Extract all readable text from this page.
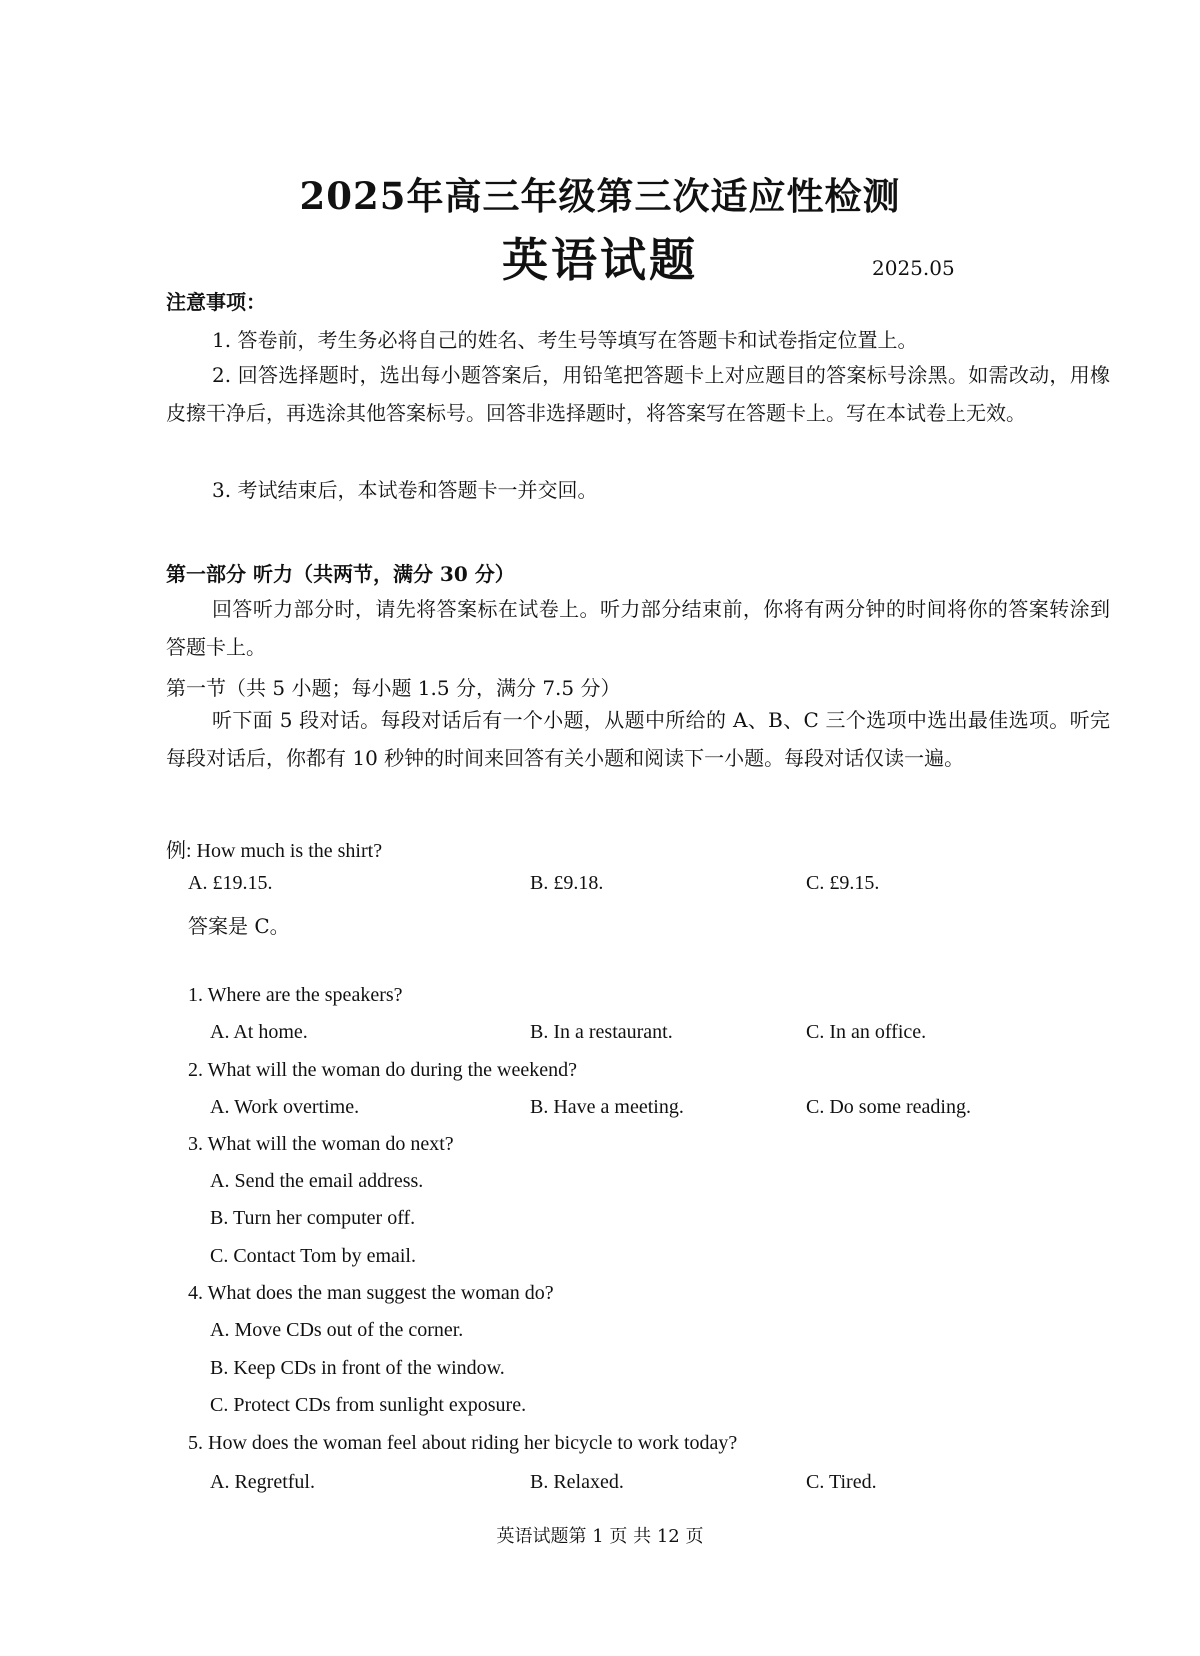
2025年高三年级第三次适应性检测
英语试题	2025.05
注意事项：
1. 答卷前，考生务必将自己的姓名、考生号等填写在答题卡和试卷指定位置上。
2. 回答选择题时，选出每小题答案后，用铅笔把答题卡上对应题目的答案标号涂黑。如需改动，用橡皮擦干净后，再选涂其他答案标号。回答非选择题时，将答案写在答题卡上。写在本试卷上无效。
3. 考试结束后，本试卷和答题卡一并交回。
第一部分 听力（共两节，满分 30 分）
回答听力部分时，请先将答案标在试卷上。听力部分结束前，你将有两分钟的时间将你的答案转涂到答题卡上。
第一节（共 5 小题；每小题 1.5 分，满分 7.5 分）
听下面 5 段对话。每段对话后有一个小题，从题中所给的 A、B、C 三个选项中选出最佳选项。听完每段对话后，你都有 10 秒钟的时间来回答有关小题和阅读下一小题。每段对话仅读一遍。
例: How much is the shirt?
A. £19.15.	B. £9.18.	C. £9.15.
答案是 C。
1. Where are the speakers?
A. At home.	B. In a restaurant.	C. In an office.
2. What will the woman do during the weekend?
A. Work overtime.	B. Have a meeting.	C. Do some reading.
3. What will the woman do next?
A. Send the email address.
B. Turn her computer off.
C. Contact Tom by email.
4. What does the man suggest the woman do?
A. Move CDs out of the corner.
B. Keep CDs in front of the window.
C. Protect CDs from sunlight exposure.
5. How does the woman feel about riding her bicycle to work today?
A. Regretful.	B. Relaxed.	C. Tired.
英语试题第 1 页 共 12 页
